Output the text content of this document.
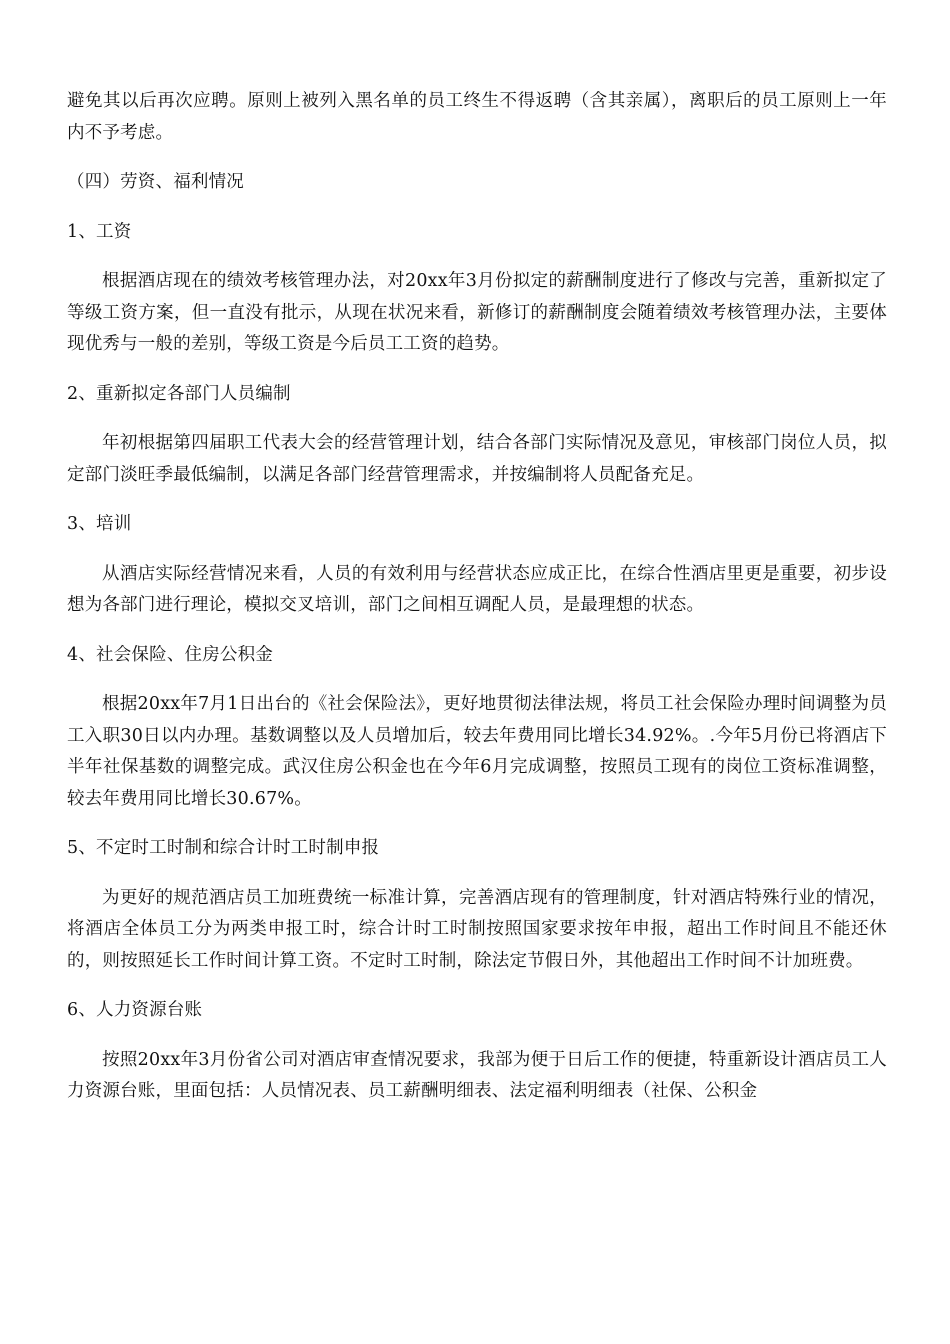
避免其以后再次应聘。原则上被列入黑名单的员工终生不得返聘（含其亲属），离职后的员工原则上一年内不予考虑。

（四）劳资、福利情况

1、工资

根据酒店现在的绩效考核管理办法，对20xx年3月份拟定的薪酬制度进行了修改与完善，重新拟定了等级工资方案，但一直没有批示，从现在状况来看，新修订的薪酬制度会随着绩效考核管理办法，主要体现优秀与一般的差别，等级工资是今后员工工资的趋势。

2、重新拟定各部门人员编制

年初根据第四届职工代表大会的经营管理计划，结合各部门实际情况及意见，审核部门岗位人员，拟定部门淡旺季最低编制，以满足各部门经营管理需求，并按编制将人员配备充足。

3、培训

从酒店实际经营情况来看，人员的有效利用与经营状态应成正比，在综合性酒店里更是重要，初步设想为各部门进行理论，模拟交叉培训，部门之间相互调配人员，是最理想的状态。

4、社会保险、住房公积金

根据20xx年7月1日出台的《社会保险法》，更好地贯彻法律法规，将员工社会保险办理时间调整为员工入职30日以内办理。基数调整以及人员增加后，较去年费用同比增长34.92%。.今年5月份已将酒店下半年社保基数的调整完成。武汉住房公积金也在今年6月完成调整，按照员工现有的岗位工资标准调整，较去年费用同比增长30.67%。

5、不定时工时制和综合计时工时制申报

为更好的规范酒店员工加班费统一标准计算，完善酒店现有的管理制度，针对酒店特殊行业的情况，将酒店全体员工分为两类申报工时，综合计时工时制按照国家要求按年申报，超出工作时间且不能还休的，则按照延长工作时间计算工资。不定时工时制，除法定节假日外，其他超出工作时间不计加班费。

6、人力资源台账

按照20xx年3月份省公司对酒店审查情况要求，我部为便于日后工作的便捷，特重新设计酒店员工人力资源台账，里面包括：人员情况表、员工薪酬明细表、法定福利明细表（社保、公积金
